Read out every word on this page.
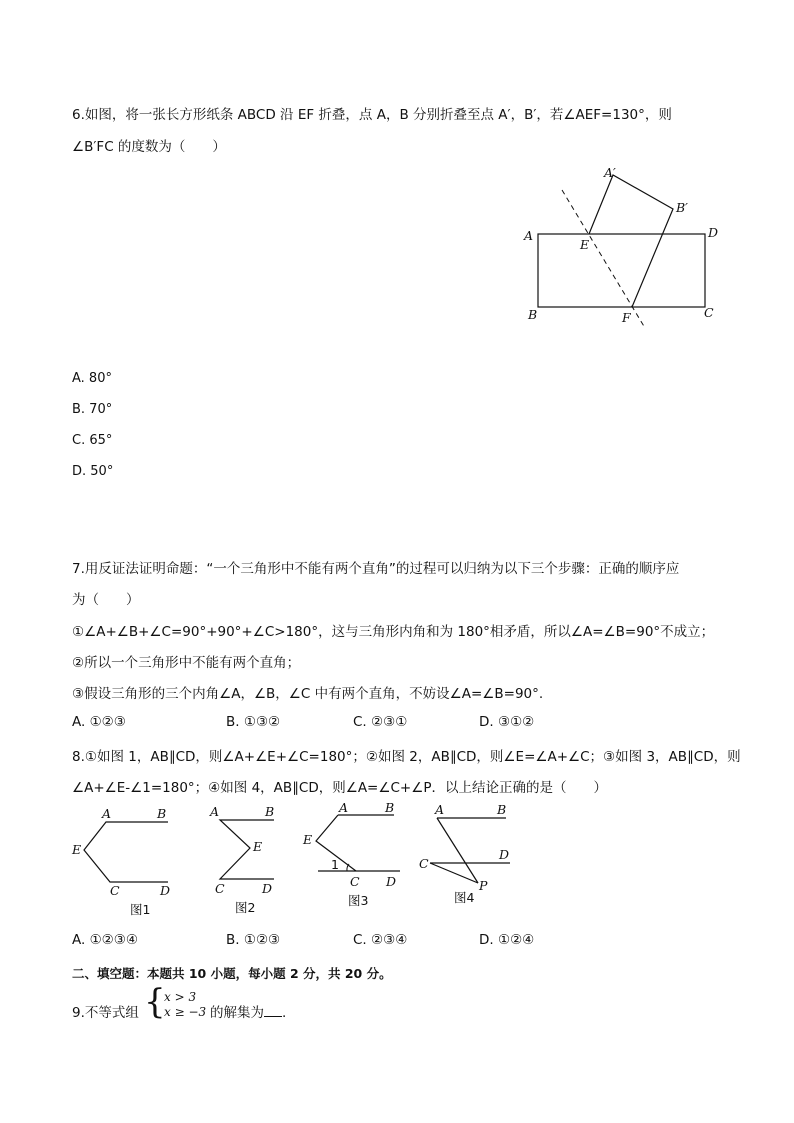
6.如图，将一张长方形纸条 ABCD 沿 EF 折叠，点 A，B 分别折叠至点 A′，B′，若∠AEF=130°，则
∠B′FC 的度数为（　　）
A′
B′
A	D
E
B	F	C
A. 80°
B. 70°
C. 65°
D. 50°
7.用反证法证明命题：“一个三角形中不能有两个直角”的过程可以归纳为以下三个步骤：正确的顺序应
为（　　）
①∠A+∠B+∠C=90°+90°+∠C>180°，这与三角形内角和为 180°相矛盾，所以∠A=∠B=90°不成立；
②所以一个三角形中不能有两个直角；
③假设三角形的三个内角∠A，∠B，∠C 中有两个直角，不妨设∠A=∠B=90°.
A. ①②③	B. ①③②	C. ②③①	D. ③①②
8.①如图 1，AB∥CD，则∠A+∠E+∠C=180°；②如图 2，AB∥CD，则∠E=∠A+∠C；③如图 3，AB∥CD，则
∠A+∠E-∠1=180°；④如图 4，AB∥CD，则∠A=∠C+∠P．以上结论正确的是（　　）
A	B
E
C	D
图1
A	B
E
C	D
图2
A	B
E
1
C D
图3
A	B
C
D
P
图4
A. ①②③④	B. ①②③	C. ②③④	D. ①②④
二、填空题：本题共 10 小题，每小题 2 分，共 20 分。
9.不等式组 {
x > 3
x ≥ −3 的解集为 .
